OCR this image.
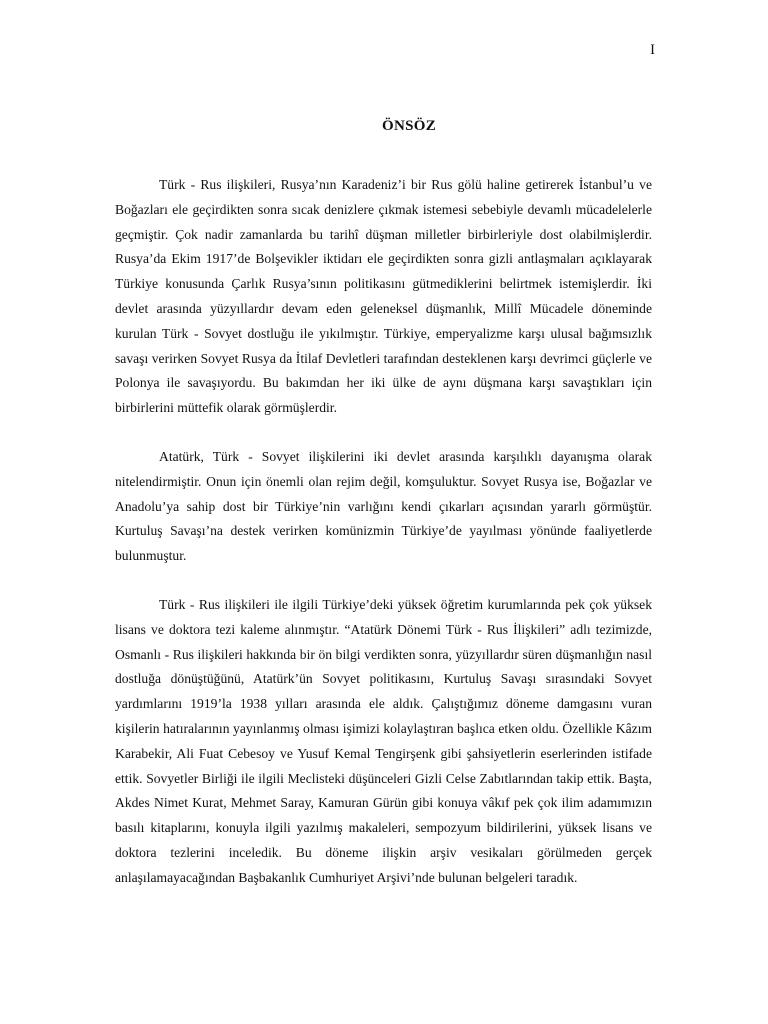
I
ÖNSÖZ

Türk - Rus ilişkileri, Rusya’nın Karadeniz’i bir Rus gölü haline getirerek İstanbul’u ve Boğazları ele geçirdikten sonra sıcak denizlere çıkmak istemesi sebebiyle devamlı mücadelelerle geçmiştir. Çok nadir zamanlarda bu tarihî düşman milletler birbirleriyle dost olabilmişlerdir. Rusya’da Ekim 1917’de Bolşevikler iktidarı ele geçirdikten sonra gizli antlaşmaları açıklayarak Türkiye konusunda Çarlık Rusya’sının politikasını gütmediklerini belirtmek istemişlerdir. İki devlet arasında yüzyıllardır devam eden geleneksel düşmanlık, Millî Mücadele döneminde kurulan Türk - Sovyet dostluğu ile yıkılmıştır. Türkiye, emperyalizme karşı ulusal bağımsızlık savaşı verirken Sovyet Rusya da İtilaf Devletleri tarafından desteklenen karşı devrimci güçlerle ve Polonya ile savaşıyordu. Bu bakımdan her iki ülke de aynı düşmana karşı savaştıkları için birbirlerini müttefik olarak görmüşlerdir.

Atatürk, Türk - Sovyet ilişkilerini iki devlet arasında karşılıklı dayanışma olarak nitelendirmiştir. Onun için önemli olan rejim değil, komşuluktur. Sovyet Rusya ise, Boğazlar ve Anadolu’ya sahip dost bir Türkiye’nin varlığını kendi çıkarları açısından yararlı görmüştür. Kurtuluş Savaşı’na destek verirken komünizmin Türkiye’de yayılması yönünde faaliyetlerde bulunmuştur.

Türk - Rus ilişkileri ile ilgili Türkiye’deki yüksek öğretim kurumlarında pek çok yüksek lisans ve doktora tezi kaleme alınmıştır. “Atatürk Dönemi Türk - Rus İlişkileri” adlı tezimizde, Osmanlı - Rus ilişkileri hakkında bir ön bilgi verdikten sonra, yüzyıllardır süren düşmanlığın nasıl dostluğa dönüştüğünü, Atatürk’ün Sovyet politikasını, Kurtuluş Savaşı sırasındaki Sovyet yardımlarını 1919’la 1938 yılları arasında ele aldık. Çalıştığımız döneme damgasını vuran kişilerin hatıralarının yayınlanmış olması işimizi kolaylaştıran başlıca etken oldu. Özellikle Kâzım Karabekir, Ali Fuat Cebesoy ve Yusuf Kemal Tengirşenk gibi şahsiyetlerin eserlerinden istifade ettik. Sovyetler Birliği ile ilgili Meclisteki düşünceleri Gizli Celse Zabıtlarından takip ettik. Başta, Akdes Nimet Kurat, Mehmet Saray, Kamuran Gürün gibi konuya vâkıf pek çok ilim adamımızın basılı kitaplarını, konuyla ilgili yazılmış makaleleri, sempozyum bildirilerini, yüksek lisans ve doktora tezlerini inceledik. Bu döneme ilişkin arşiv vesikaları görülmeden gerçek anlaşılamayacağından Başbakanlık Cumhuriyet Arşivi’nde bulunan belgeleri taradık.
